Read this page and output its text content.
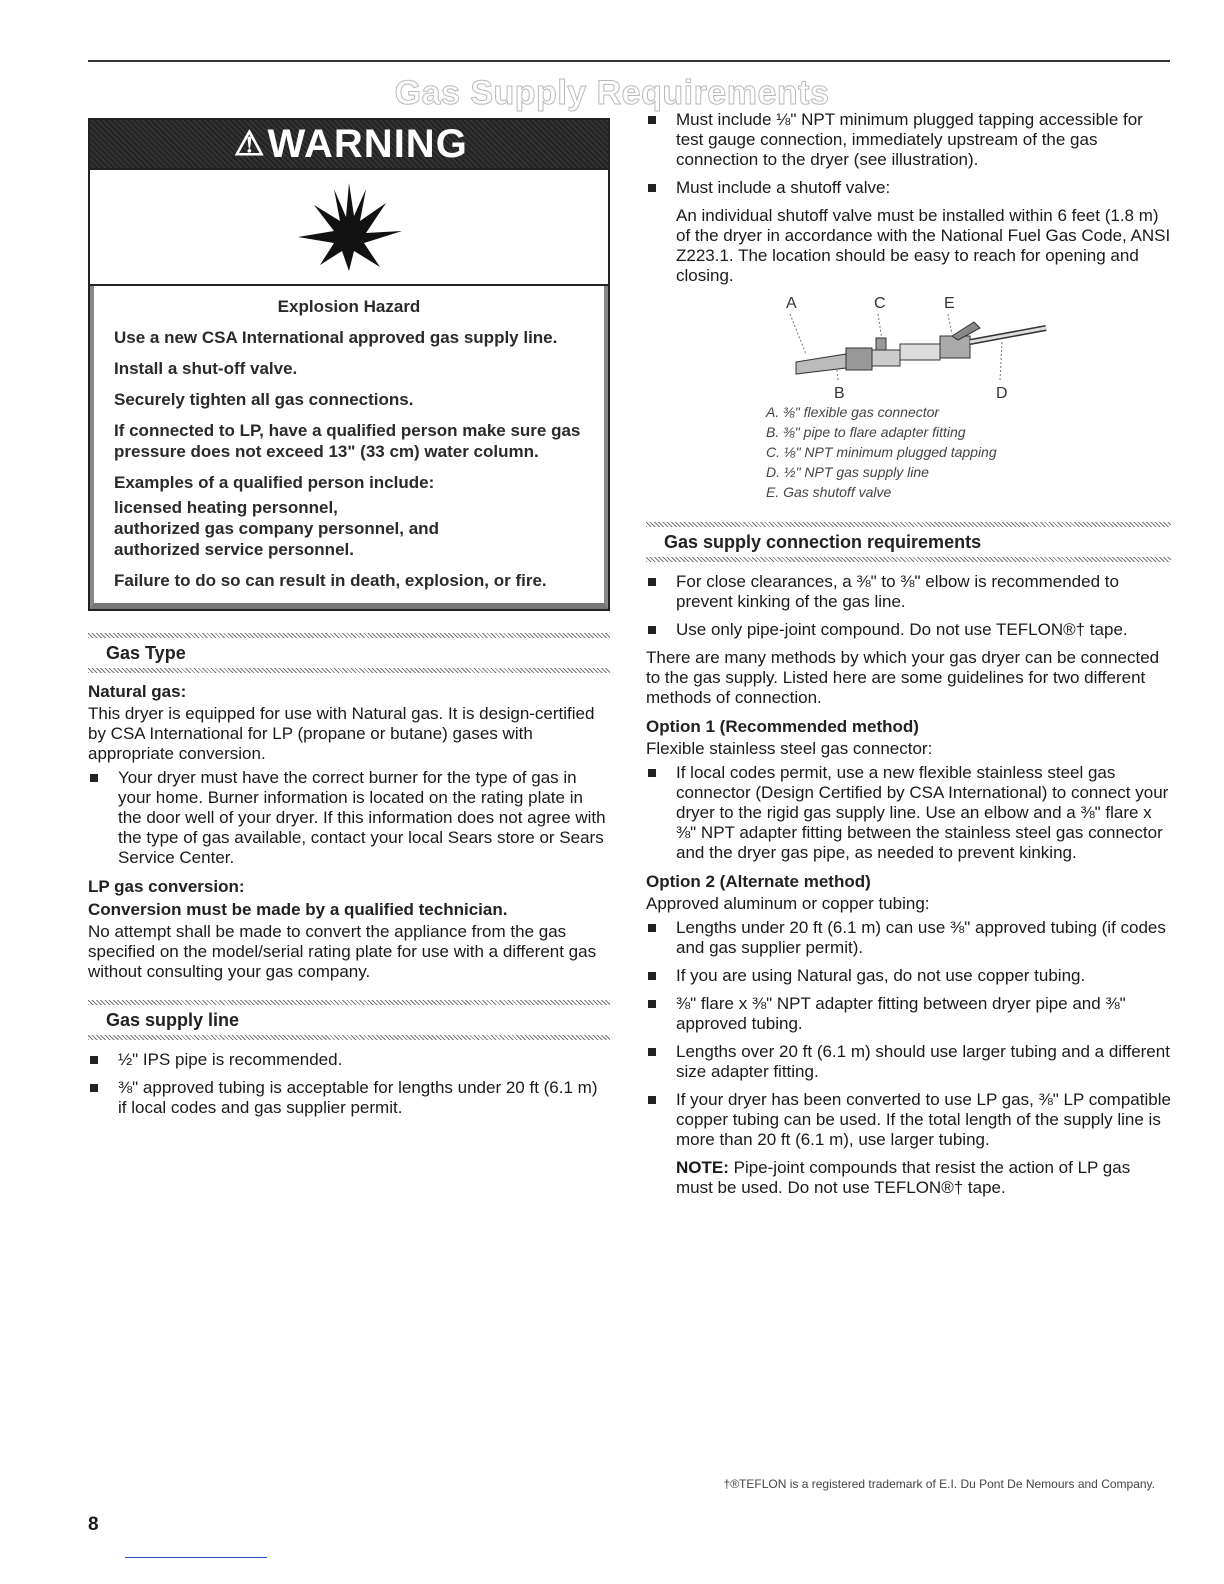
Gas Supply Requirements
⚠ WARNING
Explosion Hazard

Use a new CSA International approved gas supply line.

Install a shut-off valve.

Securely tighten all gas connections.

If connected to LP, have a qualified person make sure gas pressure does not exceed 13" (33 cm) water column.

Examples of a qualified person include:

licensed heating personnel,

authorized gas company personnel, and

authorized service personnel.

Failure to do so can result in death, explosion, or fire.

Gas Type
Natural gas:

This dryer is equipped for use with Natural gas. It is design-certified by CSA International for LP (propane or butane) gases with appropriate conversion.

Your dryer must have the correct burner for the type of gas in your home. Burner information is located on the rating plate in the door well of your dryer. If this information does not agree with the type of gas available, contact your local Sears store or Sears Service Center.
LP gas conversion:
Conversion must be made by a qualified technician.

No attempt shall be made to convert the appliance from the gas specified on the model/serial rating plate for use with a different gas without consulting your gas company.

Gas supply line
½" IPS pipe is recommended.
⅜" approved tubing is acceptable for lengths under 20 ft (6.1 m) if local codes and gas supplier permit.
Must include ⅛" NPT minimum plugged tapping accessible for test gauge connection, immediately upstream of the gas connection to the dryer (see illustration).
Must include a shutoff valve:

An individual shutoff valve must be installed within 6 feet (1.8 m) of the dryer in accordance with the National Fuel Gas Code, ANSI Z223.1. The location should be easy to reach for opening and closing.

A	C	E
B	D
A. ⅜" flexible gas connector
B. ⅜" pipe to flare adapter fitting
C. ⅛" NPT minimum plugged tapping
D. ½" NPT gas supply line
E. Gas shutoff valve
Gas supply connection requirements
For close clearances, a ⅜" to ⅜" elbow is recommended to prevent kinking of the gas line.
Use only pipe-joint compound. Do not use TEFLON®† tape.

There are many methods by which your gas dryer can be connected to the gas supply. Listed here are some guidelines for two different methods of connection.

Option 1 (Recommended method)

Flexible stainless steel gas connector:

If local codes permit, use a new flexible stainless steel gas connector (Design Certified by CSA International) to connect your dryer to the rigid gas supply line. Use an elbow and a ⅜" flare x ⅜" NPT adapter fitting between the stainless steel gas connector and the dryer gas pipe, as needed to prevent kinking.
Option 2 (Alternate method)

Approved aluminum or copper tubing:

Lengths under 20 ft (6.1 m) can use ⅜" approved tubing (if codes and gas supplier permit).
If you are using Natural gas, do not use copper tubing.
⅜" flare x ⅜" NPT adapter fitting between dryer pipe and ⅜" approved tubing.
Lengths over 20 ft (6.1 m) should use larger tubing and a different size adapter fitting.
If your dryer has been converted to use LP gas, ⅜" LP compatible copper tubing can be used. If the total length of the supply line is more than 20 ft (6.1 m), use larger tubing.

NOTE: Pipe-joint compounds that resist the action of LP gas must be used. Do not use TEFLON®† tape.

†®TEFLON is a registered trademark of E.I. Du Pont De Nemours and Company.
8
